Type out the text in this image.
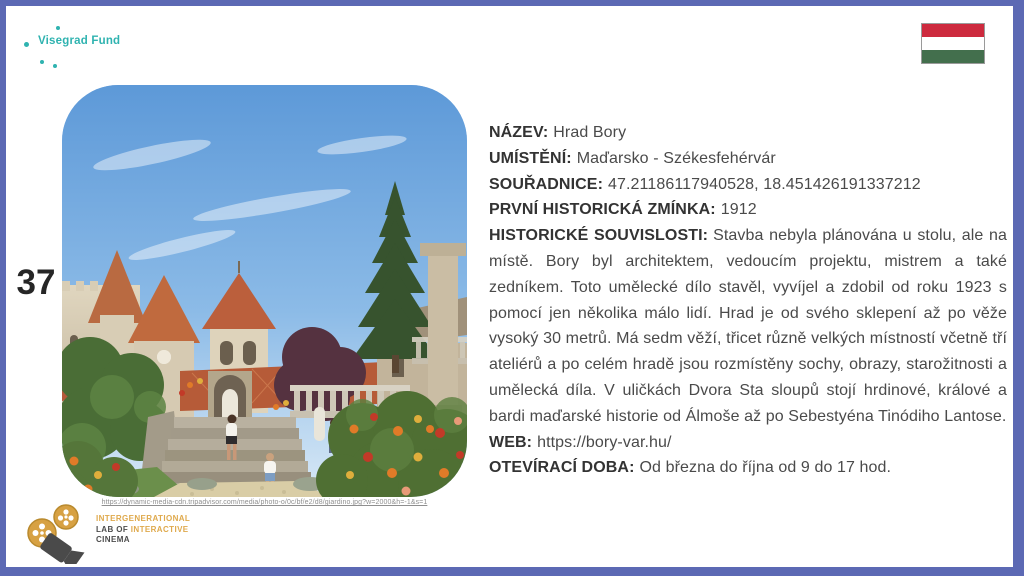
Visegrad Fund
37
https://dynamic-media-cdn.tripadvisor.com/media/photo-o/0c/bf/e2/d8/giardino.jpg?w=2000&h=-1&s=1
NÁZEV: Hrad Bory
UMÍSTĚNÍ: Maďarsko - Székesfehérvár
SOUŘADNICE: 47.21186117940528, 18.451426191337212
PRVNÍ HISTORICKÁ ZMÍNKA: 1912
HISTORICKÉ SOUVISLOSTI: Stavba nebyla plánována u stolu, ale na místě. Bory byl architektem, vedoucím projektu, mistrem a také zedníkem. Toto umělecké dílo stavěl, vyvíjel a zdobil od roku 1923 s pomocí jen několika málo lidí. Hrad je od svého sklepení až po věže vysoký 30 metrů. Má sedm věží, třicet různě velkých místností včetně tří ateliérů a po celém hradě jsou rozmístěny sochy, obrazy, starožitnosti a umělecká díla. V uličkách Dvora Sta sloupů stojí hrdinové, králové a bardi maďarské historie od Álmoše až po Sebestyéna Tinódiho Lantose.
WEB: https://bory-var.hu/
OTEVÍRACÍ DOBA: Od března do října od 9 do 17 hod.
INTERGENERATIONAL
LAB OF INTERACTIVE
CINEMA
